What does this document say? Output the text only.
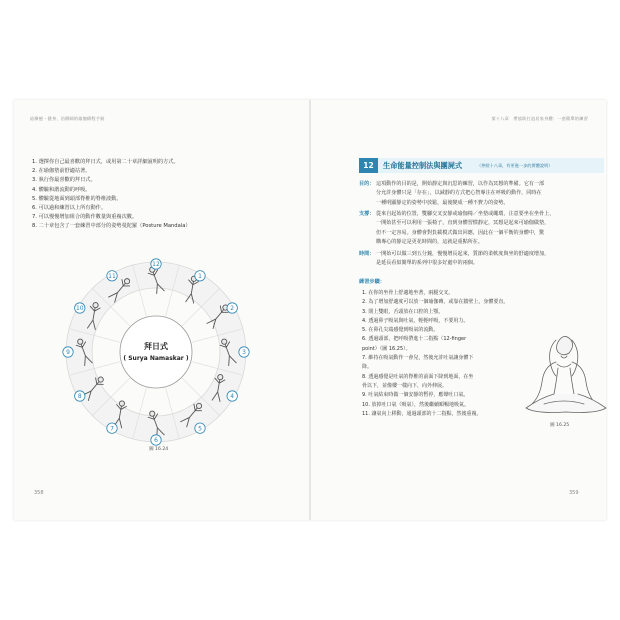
給療癒・健身、治療師的瑜伽療程手冊	第十八章　帶協助打造居家身體：一套簡單的練習
1. 選擇你自己最喜歡的拜日式，或用第二十章詳細說明的方式。
2. 在瑜伽墊前舒適站著。
3. 執行你最喜歡的拜日式。
4. 體驗和諧流動的呼吸。
5. 體驗從地面到頭部脊椎的脊椎波動。
6. 可以過和練習以上所有動作。
7. 可以慢慢增加組合的動作數量與重複次數。
8. 二十章包含了一套練習中部分的姿勢曼陀羅（Posture Mandala）
12
1
2
3
4
5
6
7
8
9
10
11
拜日式
( Surya Namaskar )
圖 16.24
358
12	生命能量控制法與團屍式	（參照十八章，有更進一步的實體說明）
目的： 這項動作的目的是，開始靜定與沉思的練習，以作為冥想的準備。它有一部
分允許身體只是「存在」，以減靜的方式把心智專注在呼吸的動作，同時在
一種明顯靜定的姿勢中放鬆，最後變成一種不費力的姿勢。
支撐： 從來自起始的位置，雙腳交叉安靜或瑜伽椅／坐墊或繩環，注意要坐在坐骨上，
一開始甚至可以利用一張椅子，直到身體習慣靜定，冥想是起來可瑜伽做墊，
但不一定容易。身體會對負載模式做出回應，因此在一個平衡的身體中，驚
購專心的靜定是更花時間的，這就是重點所在。
時間： 一開始可以做三到五分鐘，慢慢增長起來，質節的柔軟度與坐的舒適度增加，
是延長看似簡單的系列中很多好處中的兩個。
練習步驟：
1. 在你的坐骨上舒適地坐著，兩腿交叉。
2. 為了增加舒適度可以放一個瑜伽磚，或靠在牆壁上，身體要直。
3. 閉上雙眼，舌頭放在口腔的上顎。
4. 透過鼻子吸氣與吐氣，輕輕呼吸，不要用力。
5. 在鼻孔尖端感覺到吸氣的流動。
6. 透過頭部，把呼吸帶進十二指點（12-finger
point）（圖 16.25）。
7. 維持在吸氣動作一會兒，然後允許吐氣讓身體下
降。
8. 透過感覺是吐氣的脊椎的前面下降到地面，在坐
骨以下，並像樓一樣向下，向外伸展。
9. 吐氣結束時做一個安靜的暫停，應聲吐口氣。
10. 放掉吐口氣（吸氣），然後繼續順暢地吸氣。
11. 讓氣向上移動，通過頭部的十二指點，然後重複。
圖 16.25
359
